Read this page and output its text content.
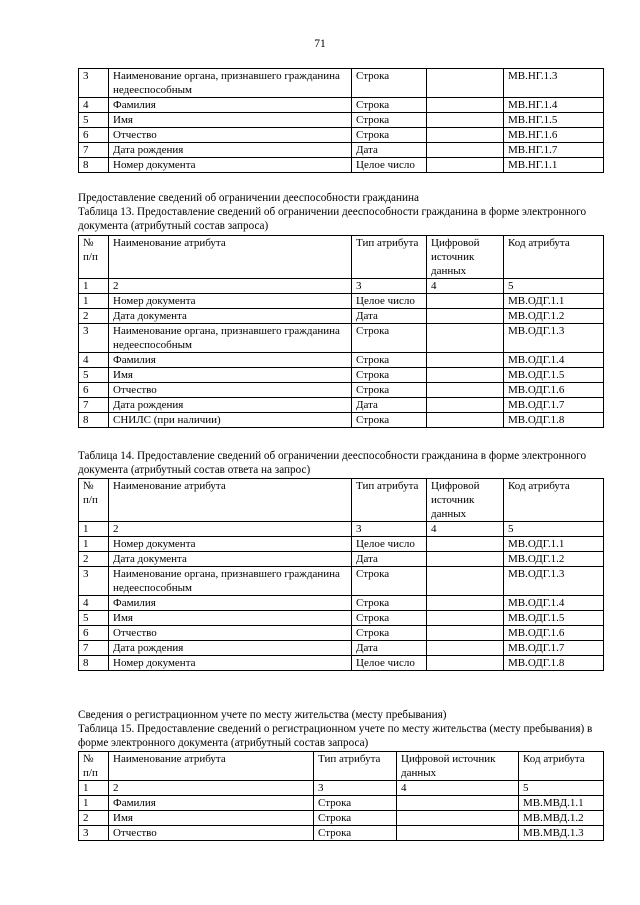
71
3	Наименование органа, признавшего гражданина недееспособным	Строка		МВ.НГ.1.3
4	Фамилия	Строка		МВ.НГ.1.4
5	Имя	Строка		МВ.НГ.1.5
6	Отчество	Строка		МВ.НГ.1.6
7	Дата рождения	Дата		МВ.НГ.1.7
8	Номер документа	Целое число		МВ.НГ.1.1
Предоставление сведений об ограничении дееспособности гражданина
Таблица 13. Предоставление сведений об ограничении дееспособности гражданина в форме электронного документа (атрибутный состав запроса)
№ п/п	Наименование атрибута	Тип атрибута	Цифровой источник данных	Код атрибута
1	2	3	4	5
1	Номер документа	Целое число		МВ.ОДГ.1.1
2	Дата документа	Дата		МВ.ОДГ.1.2
3	Наименование органа, признавшего гражданина недееспособным	Строка		МВ.ОДГ.1.3
4	Фамилия	Строка		МВ.ОДГ.1.4
5	Имя	Строка		МВ.ОДГ.1.5
6	Отчество	Строка		МВ.ОДГ.1.6
7	Дата рождения	Дата		МВ.ОДГ.1.7
8	СНИЛС (при наличии)	Строка		МВ.ОДГ.1.8
Таблица 14. Предоставление сведений об ограничении дееспособности гражданина в форме электронного документа (атрибутный состав ответа на запрос)
№ п/п	Наименование атрибута	Тип атрибута	Цифровой источник данных	Код атрибута
1	2	3	4	5
1	Номер документа	Целое число		МВ.ОДГ.1.1
2	Дата документа	Дата		МВ.ОДГ.1.2
3	Наименование органа, признавшего гражданина недееспособным	Строка		МВ.ОДГ.1.3
4	Фамилия	Строка		МВ.ОДГ.1.4
5	Имя	Строка		МВ.ОДГ.1.5
6	Отчество	Строка		МВ.ОДГ.1.6
7	Дата рождения	Дата		МВ.ОДГ.1.7
8	Номер документа	Целое число		МВ.ОДГ.1.8
Сведения о регистрационном учете по месту жительства (месту пребывания)
Таблица 15. Предоставление сведений о регистрационном учете по месту жительства (месту пребывания) в форме электронного документа (атрибутный состав запроса)
№ п/п	Наименование атрибута	Тип атрибута	Цифровой источник данных	Код атрибута
1	2	3	4	5
1	Фамилия	Строка		МВ.МВД.1.1
2	Имя	Строка		МВ.МВД.1.2
3	Отчество	Строка		МВ.МВД.1.3
